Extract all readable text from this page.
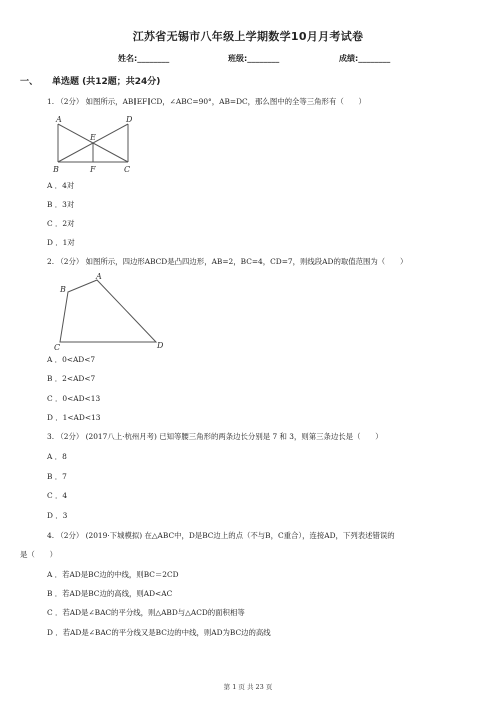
江苏省无锡市八年级上学期数学10月月考试卷
姓名:________	班级:________	成绩:________
一、 单选题 (共12题；共24分)
1. （2分） 如图所示，AB∥EF∥CD，∠ABC=90°，AB=DC，那么图中的全等三角形有（　　）
A	D
E
B	F	C
A ．4对
B ．3对
C ．2对
D ．1对
2. （2分） 如图所示，四边形ABCD是凸四边形，AB=2，BC=4，CD=7，则线段AD的取值范围为（　　）
A
B
C	D
A ．0<AD<7
B ．2<AD<7
C ．0<AD<13
D ．1<AD<13
3. （2分） (2017八上·杭州月考) 已知等腰三角形的两条边长分别是 7 和 3，则第三条边长是（　　）
A ．8
B ．7
C ．4
D ．3
4. （2分） (2019·下城模拟) 在△ABC中，D是BC边上的点（不与B，C重合），连接AD，下列表述错误的
是（　　）
A ．若AD是BC边的中线，则BC＝2CD
B ．若AD是BC边的高线，则AD<AC
C ．若AD是∠BAC的平分线，则△ABD与△ACD的面积相等
D ．若AD是∠BAC的平分线又是BC边的中线，则AD为BC边的高线
第 1 页 共 23 页
